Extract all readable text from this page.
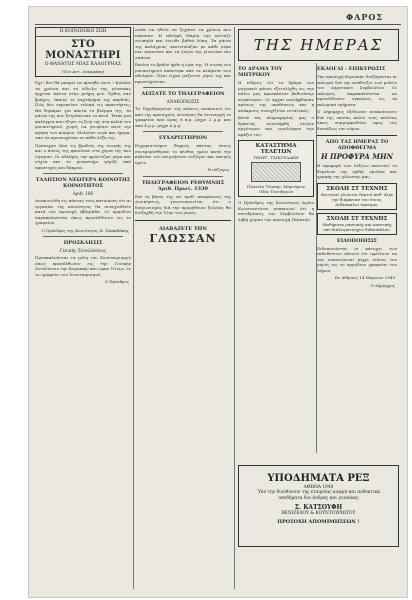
ΦΑΡΟΣ
Η ΚΟΙΝΩΝΙΚΗ ΖΩΗ
ΣΤΟ ΜΟΝΑΣΤΗΡΙ
Ο ΘΑΝΑΤΟΣ ΜΙΑΣ ΚΑΛΟΓΡΗΑΣ
(Του Αντ. Λεκαράκη)

Όχι! δεν θά μπορεί να άρνηθώ ποτέ ! Κυλάνε τα χρόνια και το είδωλο της γύναικας έρχεται πάντα στην μνήμη μου. Όρθιη σαν βράχος, έκαιγε το λαχτάρημα της καρδιάς. Πώς δεν επρεπεύσε τελικά τις απαντήσεις; Θα θυμάμαι για πάντα το βλέμμα της, τα μάτια της που ξετρύπωναν το κενό. Ήταν μια καλόγρια που έζησε τη ζωή της στα κελιά του μοναστηριού, χωρίς να γνωρίσει ποτέ την αγάπη του κόσμου. Μιλούσε σιγά και ήρεμα, σαν να προσευχόταν σε κάθε λέξη της.

Πρόσεχαν όλοι τις βραδιές της σιωπής της και ο πόνος της φαινόταν στα χέρια της που έτρεμαν. Οι αδελφές την φρόντιζαν μέρα και νύχτα και το μοναστήρι γέμιζε από προσευχές και δάκρυα.

ΤΑΛΗΣΙΟΝ ΝΕΩΤΕΡΑ ΚΟΙΝΟΤΗΣ ΚΟΙΝΟΤΗΤΟΣ
Αριθ. 186

Ανεκοινώθη εις πάντας τους κατοίκους ότι αι εργασίαι της κοινότητος θα συνεχισθούν κατά την προσεχή εβδομάδα. Οι αρμόδιοι παρακαλούνται όπως προσέλθωσιν εις το γραφείον.

Ο Πρόεδρος της Κοινότητος Κ. Παπαδάκης
ΠΡΟΣΚΛΗΣΙΣ
Γενικής Συνελεύσεως

Προσκαλούνται τα μέλη του Συνεταιρισμού όπως προσέλθωσιν εις την Γενικήν Συνέλευσιν την Κυριακήν και ώραν 10 π.μ. εν τω γραφείω του Συνεταιρισμού.

Ο Πρόεδρος

ωσάν να ήθελε να ξεχάσει τα χρόνια που πέρασαν. Η αδελφή Μαρία την κοίταζε σιωπηλά και ένιωθε βαθιά λύπη. Τα μάτια της καλόγριας σκοτείνιαζαν με κάθε μέρα που περνούσε και τα λόγια της γίνονταν πιο σπάνια.

Εκείνο το βράδυ ήρθε η ώρα της. Η σιωπή του μοναστηριού σπάστηκε από τα κλάματα των αδελφών. Όλοι είχαν μαζευτεί γύρω της και προσεύχονταν.

ΔΕΙΞΑΤΕ ΤΟ ΤΗΛΕΓΡΑΦΕΙΟΝ
ΑΝΑΚΟΙΝΩΣΙΣ

Το Ταχυδρομείον της πόλεως ανακοινοί ότι από της προσεχούς Δευτέρας θα λειτουργή το γραφείον από ώρας 8 π.μ. μέχρι 2 μ.μ. και από 4 μ.μ. μέχρι 6 μ.μ.

ΕΥΧΑΡΙΣΤΗΡΙΟΝ

Ευχαριστούμεν θερμώς πάντας όσους συνεμερίσθησαν το πένθος ημών κατά την κηδείαν του αειμνήστου συζύγου και πατρός ημών.

Η σύζυγος
ΤΗΛΕΓΡΑΦΕΙΟΝ ΡΕΘΥΜΝΗΣ Αριθ. Πρωτ. 1330

Επί τη βάσει της υπ' αριθ. αποφάσεως της Διοικήσεως, γνωστοποιείται ότι ο διαγωνισμός διά την προμήθειαν ξυλείας θα διεξαχθή την 15ην του μηνός.

ΔΙΑΒΑΖΕΤΕ ΤΗΝ
ΓΛΩΣΣΑΝ
ΤΗΣ ΗΜΕΡΑΣ
ΤΟ ΔΡΑΜΑ ΤΟΥ ΜΗΤΡΙΚΟΥ

Η είδησις ότι το δράμα του μητρικού φόνου εξετυλίχθη εις την πόλιν μας προεκάλεσε βαθυτάτην συγκίνησιν. Οι αρχαί επελήφθησαν αμέσως της υποθέσεως και η ανάκρισις συνεχίζεται εντατικώς.

Κατά τας πληροφορίας μας ο δράστης συνελήφθη ολίγον αργότερον και ωμολόγησε την πράξιν του.

ΚΑΤΑΣΤΗΜΑ ΤΕΛΕΤΩΝ
ΓΕΩΡΓ. ΤΣΙΚΟΥΔΑΚΗ
Πλατεία Τέσσαρ. Μαρτύρων
Οδός Τσουδερών

Ο Πρόεδρος της Κοινότητος Αγίου Κωνσταντίνου ανακοινοί ότι η συνεδρίασις του Συμβουλίου θα λάβη χώραν την προσεχή Πέμπτην.

ΕΚΛΟΓΑΙ - ΕΠΙΚΥΡΩΣΙΣ

Την προσεχή Κυριακήν διεξάγονται αι εκλογαί διά την ανάδειξιν των μελών του Δημοτικού Συμβουλίου. Οι εκλογείς παρακαλούνται να προσέλθωσιν εγκαίρως εις τα εκλογικά τμήματα.

Ο Δήμαρχος εξέδωσεν ανακοίνωσιν διά της οποίας καλεί τους πολίτας όπως συμμορφωθώσι προς τας διατάξεις του νόμου.

ΑΠΟ ΤΑΣ ΗΜΕΡΑΣ ΤΟ ΑΠΟΦΘΕΓΜΑ
Η ΠΡΟΦΥΡΑ ΜΗΝ

Η προφορά των λέξεων αποτελεί το θεμέλιον της ορθής ομιλίας και γραφής της γλώσσης μας.

ΣΚΟΛΗ ΣΤ ΤΕΧΝΗΣ
Φοιτηταί γίνονται δεκτοί καθ' όλην την διάρκειαν του έτους. Διδάσκαλοι έμπειροι.
ΣΧΟΛΗ ΣΤ ΤΕΧΝΗΣ
Μαθήματα ραπτικής και κοπτικής υπό διπλωματούχου διδασκάλου.
ΕΙΔΟΠΟΙΗΣΙΣ

Ειδοποιούνται οι κάτοχοι των εκδοθέντων αδειών ότι οφείλουν να τας ανανεώσωσι μέχρι τέλους του μηνός εις το αρμόδιον γραφείον του Δήμου.

Εν Αθήναις 14 Μαρτίου 1949
Ο Δήμαρχος
ΥΠΟΔΗΜΑΤΑ ΡΕΞ
ΑΘΗΝΑ 1948
Ύπό την διεύθυνσιν της εταιρείας κομψά και ανθεκτικά υποδήματα δια άνδρας και γυναίκας
Σ. ΚΑΤΣΟΥΦΗ
ΒΕΝΙΖΕΛΟΥ & ΚΟΥΝΤΟΥΡΙΩΤΟΥ
ΠΡΟΣΟΧΗ ΑΠΟΜΙΜΗΣΕΩΝ !
